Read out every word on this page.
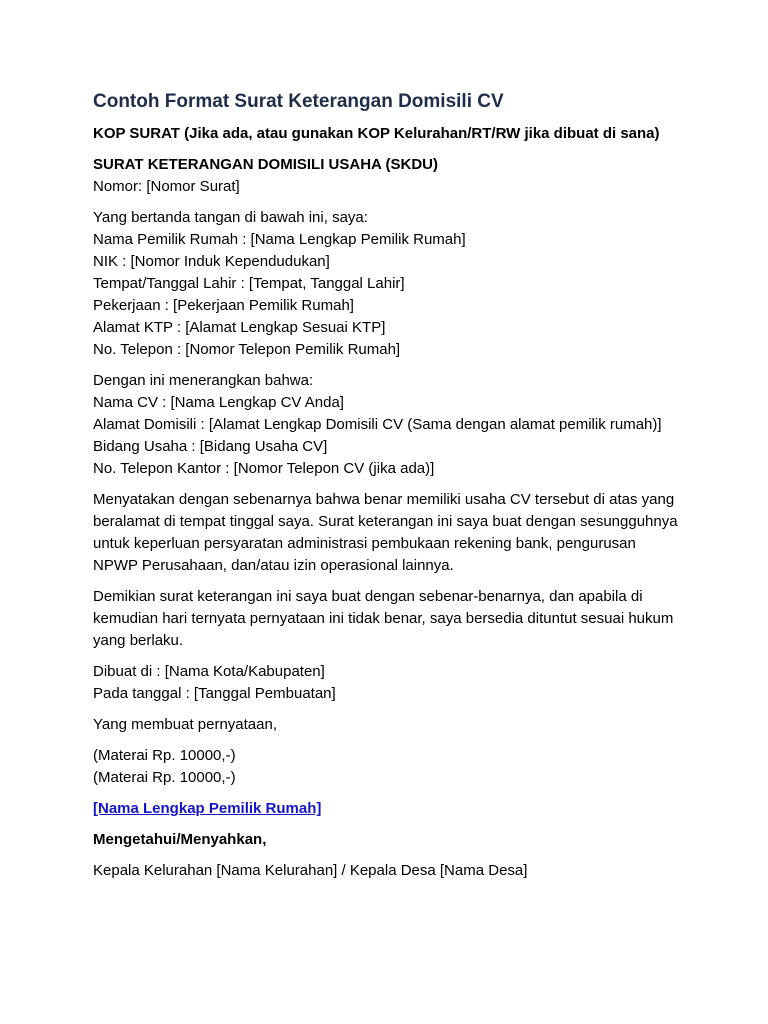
Contoh Format Surat Keterangan Domisili CV
KOP SURAT (Jika ada, atau gunakan KOP Kelurahan/RT/RW jika dibuat di sana)
SURAT KETERANGAN DOMISILI USAHA (SKDU)
Nomor: [Nomor Surat]
Yang bertanda tangan di bawah ini, saya:
Nama Pemilik Rumah : [Nama Lengkap Pemilik Rumah]
NIK : [Nomor Induk Kependudukan]
Tempat/Tanggal Lahir : [Tempat, Tanggal Lahir]
Pekerjaan : [Pekerjaan Pemilik Rumah]
Alamat KTP : [Alamat Lengkap Sesuai KTP]
No. Telepon : [Nomor Telepon Pemilik Rumah]
Dengan ini menerangkan bahwa:
Nama CV : [Nama Lengkap CV Anda]
Alamat Domisili : [Alamat Lengkap Domisili CV (Sama dengan alamat pemilik rumah)]
Bidang Usaha : [Bidang Usaha CV]
No. Telepon Kantor : [Nomor Telepon CV (jika ada)]
Menyatakan dengan sebenarnya bahwa benar memiliki usaha CV tersebut di atas yang beralamat di tempat tinggal saya. Surat keterangan ini saya buat dengan sesungguhnya untuk keperluan persyaratan administrasi pembukaan rekening bank, pengurusan NPWP Perusahaan, dan/atau izin operasional lainnya.
Demikian surat keterangan ini saya buat dengan sebenar-benarnya, dan apabila di kemudian hari ternyata pernyataan ini tidak benar, saya bersedia dituntut sesuai hukum yang berlaku.
Dibuat di : [Nama Kota/Kabupaten]
Pada tanggal : [Tanggal Pembuatan]
Yang membuat pernyataan,
(Materai Rp. 10000,-)
(Materai Rp. 10000,-)
[Nama Lengkap Pemilik Rumah]
Mengetahui/Menyahkan,
Kepala Kelurahan [Nama Kelurahan] / Kepala Desa [Nama Desa]
